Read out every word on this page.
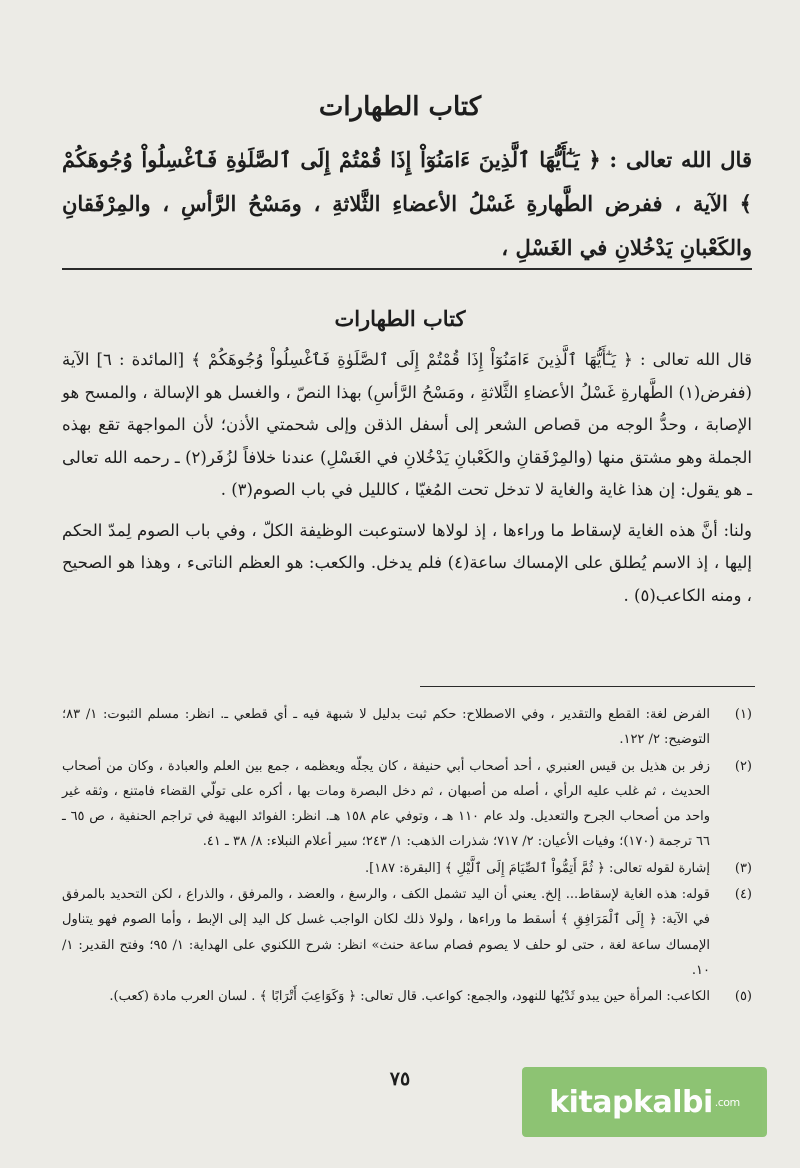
كتاب الطهارات
قال الله تعالى : ﴿ يَـٰٓأَيُّهَا ٱلَّذِينَ ءَامَنُوٓاْ إِذَا قُمْتُمْ إِلَى ٱلصَّلَوٰةِ فَٱغْسِلُواْ وُجُوهَكُمْ ﴾ الآية ، ففرض الطَّهارةِ غَسْلُ الأعضاءِ الثَّلاثةِ ، ومَسْحُ الرَّأسِ ، والمِرْفَقانِ والكَعْبانِ يَدْخُلانِ في الغَسْلِ ،
كتاب الطهارات

قال الله تعالى : ﴿ يَـٰٓأَيُّهَا ٱلَّذِينَ ءَامَنُوٓاْ إِذَا قُمْتُمْ إِلَى ٱلصَّلَوٰةِ فَٱغْسِلُواْ وُجُوهَكُمْ ﴾ [المائدة : ٦] الآية (ففرض(١) الطَّهارةِ غَسْلُ الأعضاءِ الثَّلاثةِ ، ومَسْحُ الرَّأسِ) بهذا النصّ ، والغسل هو الإسالة ، والمسح هو الإصابة ، وحدُّ الوجه من قصاص الشعر إلى أسفل الذقن وإلى شحمتي الأذن؛ لأن المواجهة تقع بهذه الجملة وهو مشتق منها (والمِرْفَقانِ والكَعْبانِ يَدْخُلانِ في الغَسْلِ) عندنا خلافاً لزُفَر(٢) ـ رحمه الله تعالى ـ هو يقول: إن هذا غاية والغاية لا تدخل تحت المُغيّا ، كالليل في باب الصوم(٣) .

ولنا: أنَّ هذه الغاية لإسقاط ما وراءها ، إذ لولاها لاستوعبت الوظيفة الكلّ ، وفي باب الصوم لِمدّ الحكم إليها ، إذ الاسم يُطلق على الإمساك ساعة(٤) فلم يدخل. والكعب: هو العظم الناتىء ، وهذا هو الصحيح ، ومنه الكاعب(٥) .

(١)
الفرض لغة: القطع والتقدير ، وفي الاصطلاح: حكم ثبت بدليل لا شبهة فيه ـ أي قطعي ـ. انظر: مسلم الثبوت: ١/ ٨٣؛ التوضيح: ٢/ ١٢٢.
(٢)
زفر بن هذيل بن قيس العنبري ، أحد أصحاب أبي حنيفة ، كان يجلّه ويعظمه ، جمع بين العلم والعبادة ، وكان من أصحاب الحديث ، ثم غلب عليه الرأي ، أصله من أصبهان ، ثم دخل البصرة ومات بها ، أكره على تولّي القضاء فامتنع ، وثقه غير واحد من أصحاب الجرح والتعديل. ولد عام ١١٠ هـ ، وتوفي عام ١٥٨ هـ. انظر: الفوائد البهية في تراجم الحنفية ، ص ٦٥ ـ ٦٦ ترجمة (١٧٠)؛ وفيات الأعيان: ٢/ ٧١٧؛ شذرات الذهب: ١/ ٢٤٣؛ سير أعلام النبلاء: ٨/ ٣٨ ـ ٤١.
(٣)
إشارة لقوله تعالى: ﴿ ثُمَّ أَتِمُّواْ ٱلصِّيَامَ إِلَى ٱلَّيْلِ ﴾ [البقرة: ١٨٧].
(٤)
قوله: هذه الغاية لإسقاط... إلخ. يعني أن اليد تشمل الكف ، والرسغ ، والعضد ، والمرفق ، والذراع ، لكن التحديد بالمرفق في الآية: ﴿ إِلَى ٱلْمَرَافِقِ ﴾ أسقط ما وراءها ، ولولا ذلك لكان الواجب غسل كل اليد إلى الإبط ، وأما الصوم فهو يتناول الإمساك ساعة لغة ، حتى لو حلف لا يصوم فصام ساعة حنث» انظر: شرح اللكنوي على الهداية: ١/ ٩٥؛ وفتح القدير: ١/ ١٠.
(٥)
الكاعب: المرأة حين يبدو ثَدْيُها للنهود، والجمع: كواعب. قال تعالى: ﴿ وَكَوَاعِبَ أَتْرَابًا ﴾ . لسان العرب مادة (كعب).
٧٥
kitapkalbi .com
